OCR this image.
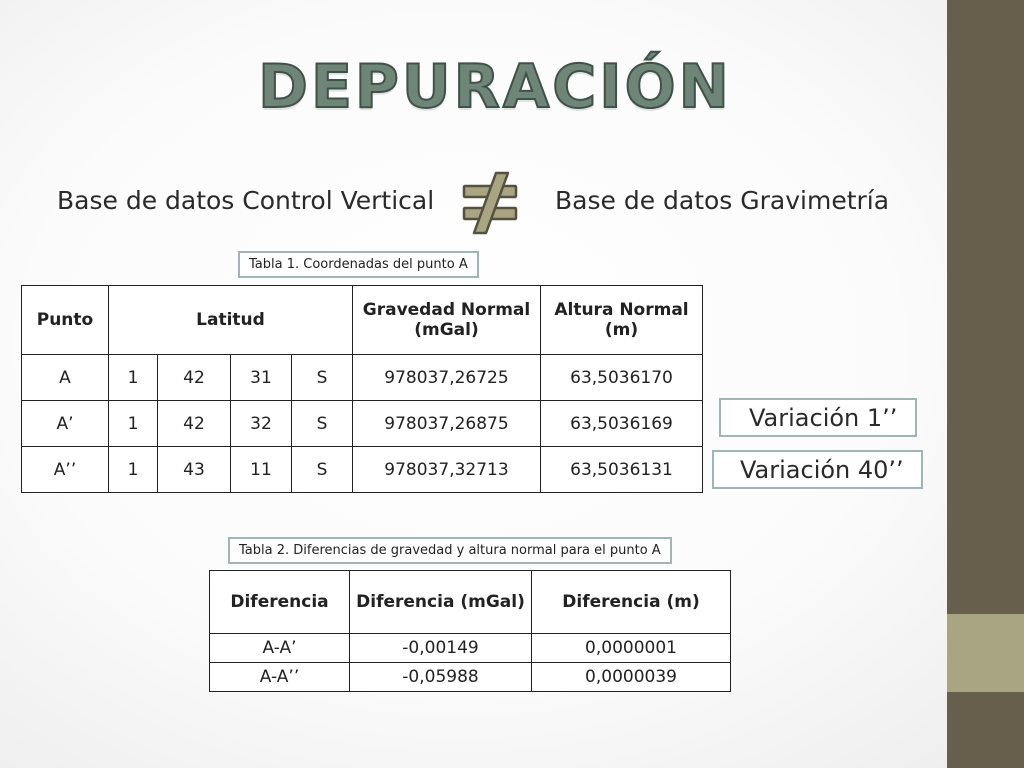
DEPURACIÓN
Base de datos Control Vertical	Base de datos Gravimetría
Tabla 1. Coordenadas del punto A
Punto	Latitud				Gravedad Normal (mGal)	Altura Normal (m)
A	1	42	31	S	978037,26725	63,5036170
A’	1	42	32	S	978037,26875	63,5036169
A’’	1	43	11	S	978037,32713	63,5036131
Variación 1’’
Variación 40’’
Tabla 2. Diferencias de gravedad y altura normal para el punto A
Diferencia	Diferencia (mGal)	Diferencia (m)
A-A’	-0,00149	0,0000001
A-A’’	-0,05988	0,0000039
